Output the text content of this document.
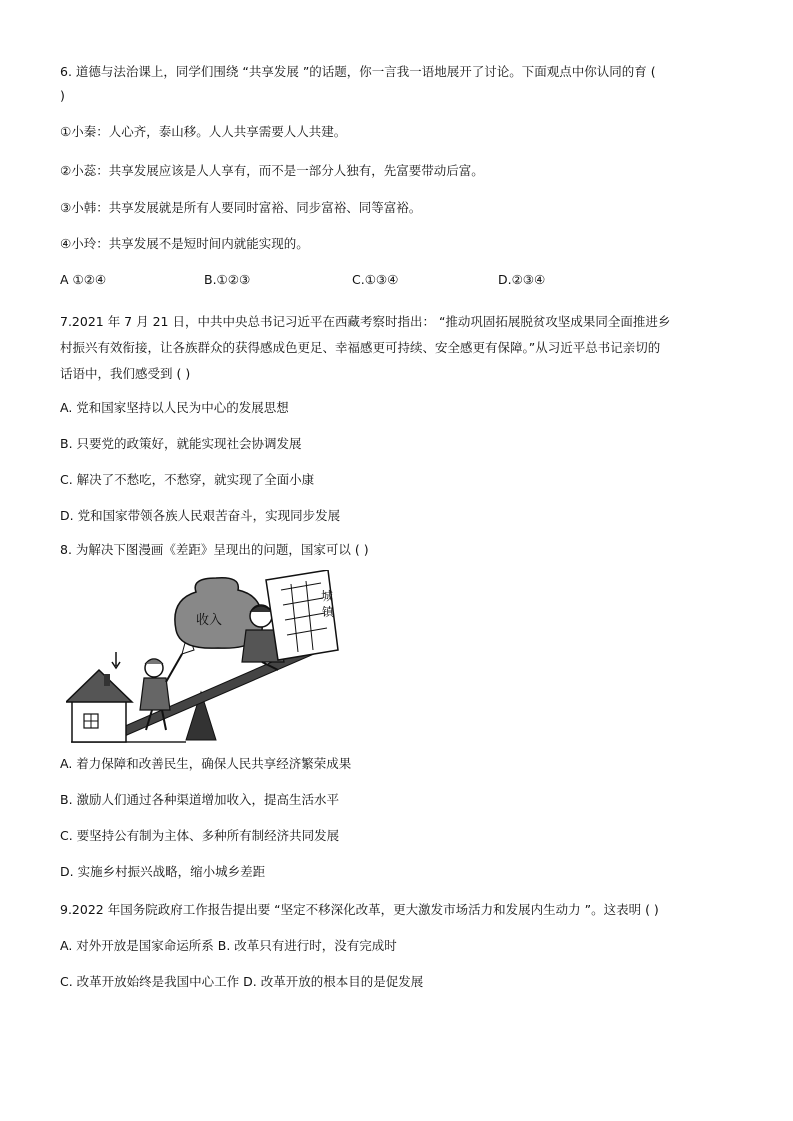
6. 道德与法治课上，同学们围绕 “共享发展 ”的话题，你一言我一语地展开了讨论。下面观点中你认同的育 (
)
①小秦：人心齐，泰山移。人人共享需要人人共建。
②小蕊：共享发展应该是人人享有，而不是一部分人独有，先富要带动后富。
③小韩：共享发展就是所有人要同时富裕、同步富裕、同等富裕。
④小玲：共享发展不是短时间内就能实现的。
A ①②④	B.①②③	C.①③④	D.②③④
7.2021 年 7 月 21 日，中共中央总书记习近平在西藏考察时指出： “推动巩固拓展脱贫攻坚成果同全面推进乡
村振兴有效衔接，让各族群众的获得感成色更足、幸福感更可持续、安全感更有保障。”从习近平总书记亲切的
话语中，我们感受到 ( )
A. 党和国家坚持以人民为中心的发展思想
B. 只要党的政策好，就能实现社会协调发展
C. 解决了不愁吃，不愁穿，就实现了全面小康
D. 党和国家带领各族人民艰苦奋斗，实现同步发展
8. 为解决下图漫画《差距》呈现出的问题，国家可以 ( )
收入
城
镇
A. 着力保障和改善民生，确保人民共享经济繁荣成果
B. 激励人们通过各种渠道增加收入，提高生活水平
C. 要坚持公有制为主体、多种所有制经济共同发展
D. 实施乡村振兴战略，缩小城乡差距
9.2022 年国务院政府工作报告提出要 “坚定不移深化改革，更大激发市场活力和发展内生动力 ”。这表明 ( )
A. 对外开放是国家命运所系 B. 改革只有进行时，没有完成时
C. 改革开放始终是我国中心工作 D. 改革开放的根本目的是促发展
